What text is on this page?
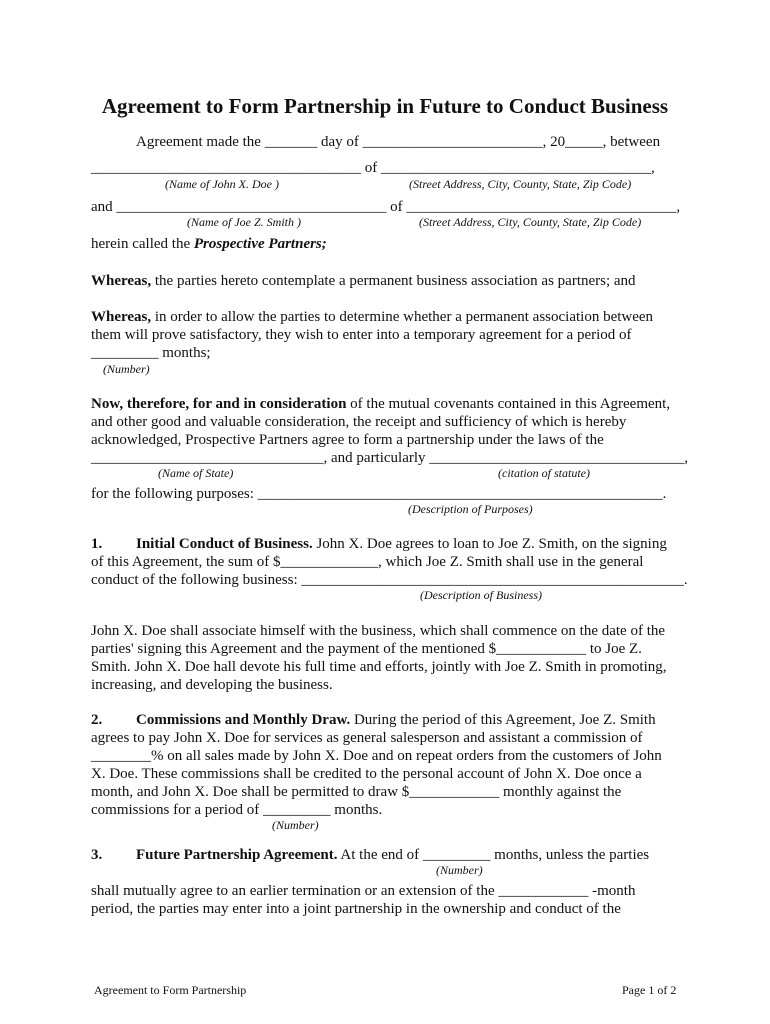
Agreement to Form Partnership in Future to Conduct Business
Agreement made the _______ day of ________________________, 20_____, between
____________________________________ of ____________________________________,
(Name of John X. Doe )	(Street Address, City, County, State, Zip Code)
and ____________________________________ of ____________________________________,
(Name of Joe Z. Smith )	(Street Address, City, County, State, Zip Code)
herein called the Prospective Partners;
Whereas, the parties hereto contemplate a permanent business association as partners; and
Whereas, in order to allow the parties to determine whether a permanent association between
them will prove satisfactory, they wish to enter into a temporary agreement for a period of
_________ months;
(Number)
Now, therefore, for and in consideration of the mutual covenants contained in this Agreement,
and other good and valuable consideration, the receipt and sufficiency of which is hereby
acknowledged, Prospective Partners agree to form a partnership under the laws of the
_______________________________, and particularly __________________________________,
(Name of State)	(citation of statute)
for the following purposes: ______________________________________________________.
(Description of Purposes)
1. Initial Conduct of Business. John X. Doe agrees to loan to Joe Z. Smith, on the signing
of this Agreement, the sum of $_____________, which Joe Z. Smith shall use in the general
conduct of the following business: ___________________________________________________.
(Description of Business)
John X. Doe shall associate himself with the business, which shall commence on the date of the
parties' signing this Agreement and the payment of the mentioned $____________ to Joe Z.
Smith. John X. Doe hall devote his full time and efforts, jointly with Joe Z. Smith in promoting,
increasing, and developing the business.
2. Commissions and Monthly Draw. During the period of this Agreement, Joe Z. Smith
agrees to pay John X. Doe for services as general salesperson and assistant a commission of
________% on all sales made by John X. Doe and on repeat orders from the customers of John
X. Doe. These commissions shall be credited to the personal account of John X. Doe once a
month, and John X. Doe shall be permitted to draw $____________ monthly against the
commissions for a period of _________ months.
(Number)
3. Future Partnership Agreement. At the end of _________ months, unless the parties
(Number)
shall mutually agree to an earlier termination or an extension of the ____________ -month
period, the parties may enter into a joint partnership in the ownership and conduct of the
Agreement to Form Partnership	Page 1 of 2
